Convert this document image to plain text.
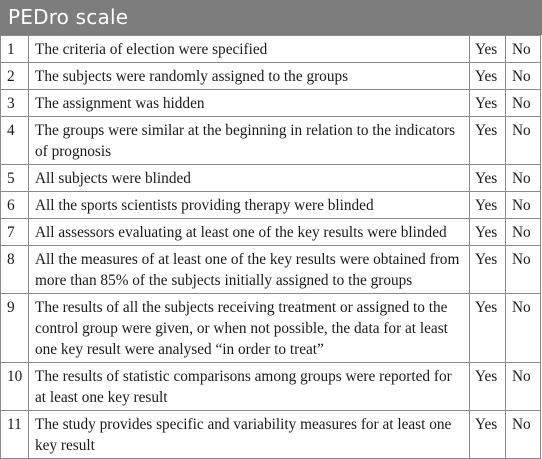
PEDro scale
1	The criteria of election were specified	Yes	No
2	The subjects were randomly assigned to the groups	Yes	No
3	The assignment was hidden	Yes	No
4	The groups were similar at the beginning in relation to the indicators of prognosis	Yes	No
5	All subjects were blinded	Yes	No
6	All the sports scientists providing therapy were blinded	Yes	No
7	All assessors evaluating at least one of the key results were blinded	Yes	No
8	All the measures of at least one of the key results were obtained from more than 85% of the subjects initially assigned to the groups	Yes	No
9	The results of all the subjects receiving treatment or assigned to the control group were given, or when not possible, the data for at least one key result were analysed “in order to treat”	Yes	No
10	The results of statistic comparisons among groups were reported for at least one key result	Yes	No
11	The study provides specific and variability measures for at least one key result	Yes	No
